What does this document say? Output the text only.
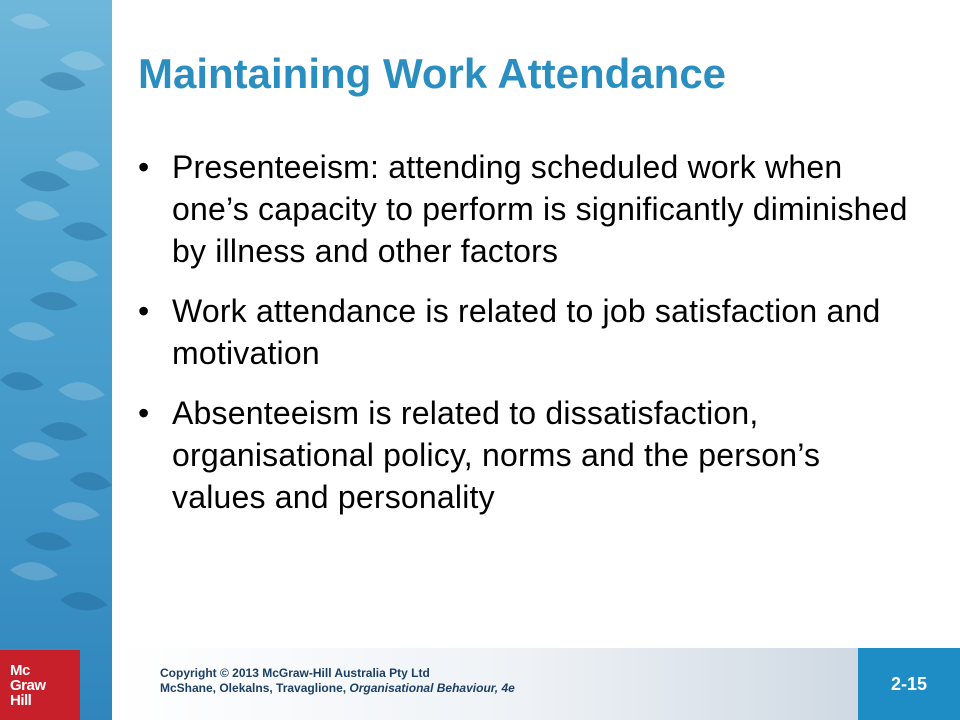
Maintaining Work Attendance
• Presenteeism: attending scheduled work when one’s capacity to perform is significantly diminished by illness and other factors
• Work attendance is related to job satisfaction and motivation
• Absenteeism is related to dissatisfaction, organisational policy, norms and the person’s values and personality
Copyright © 2013 McGraw-Hill Australia Pty Ltd
McShane, Olekalns, Travaglione, Organisational Behaviour, 4e	2-15
Mc
Graw
Hill
